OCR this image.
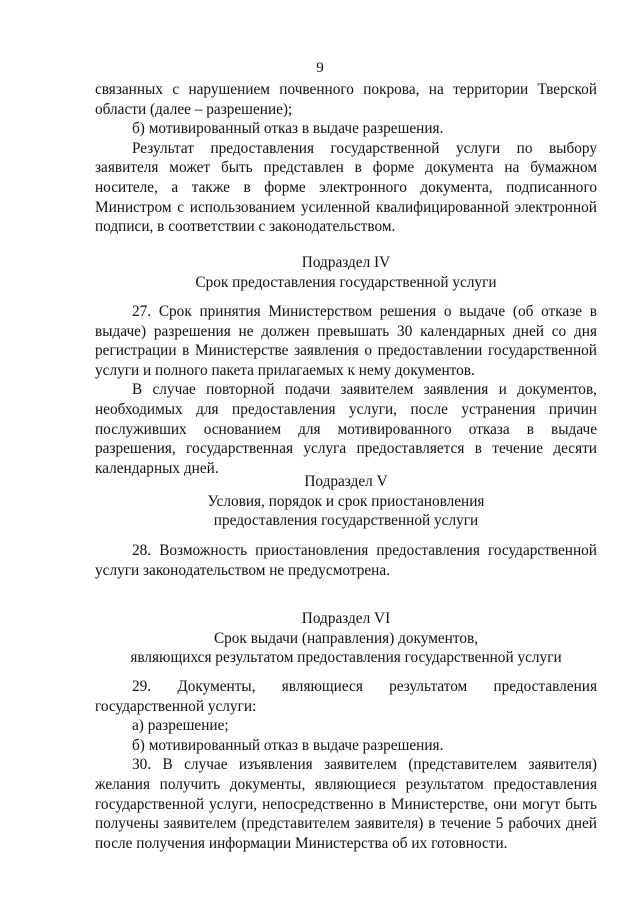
9

связанных с нарушением почвенного покрова, на территории Тверской области (далее – разрешение);

б) мотивированный отказ в выдаче разрешения.

Результат предоставления государственной услуги по выбору заявителя может быть представлен в форме документа на бумажном носителе, а также в форме электронного документа, подписанного Министром с использованием усиленной квалифицированной электронной подписи, в соответствии с законодательством.

Подраздел IV
Срок предоставления государственной услуги

27. Срок принятия Министерством решения о выдаче (об отказе в выдаче) разрешения не должен превышать 30 календарных дней со дня регистрации в Министерстве заявления о предоставлении государственной услуги и полного пакета прилагаемых к нему документов.

В случае повторной подачи заявителем заявления и документов, необходимых для предоставления услуги, после устранения причин послуживших основанием для мотивированного отказа в выдаче разрешения, государственная услуга предоставляется в течение десяти календарных дней.

Подраздел V
Условия, порядок и срок приостановления
предоставления государственной услуги

28. Возможность приостановления предоставления государственной услуги законодательством не предусмотрена.

Подраздел VI
Срок выдачи (направления) документов,
являющихся результатом предоставления государственной услуги

29. Документы, являющиеся результатом предоставления государственной услуги:

а) разрешение;

б) мотивированный отказ в выдаче разрешения.

30. В случае изъявления заявителем (представителем заявителя) желания получить документы, являющиеся результатом предоставления государственной услуги, непосредственно в Министерстве, они могут быть получены заявителем (представителем заявителя) в течение 5 рабочих дней после получения информации Министерства об их готовности.
